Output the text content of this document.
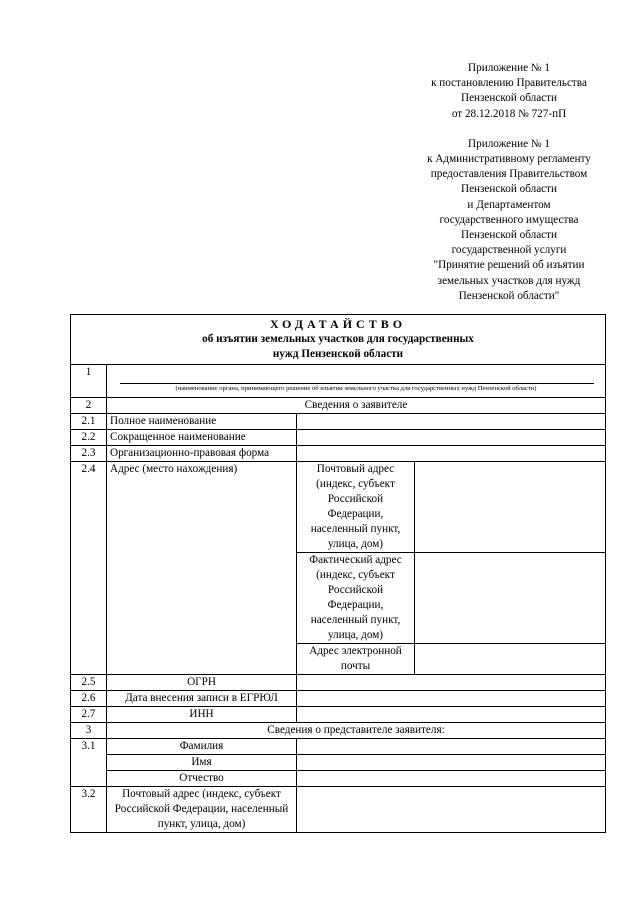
Приложение № 1
к постановлению Правительства
Пензенской области
от 28.12.2018 № 727-пП
Приложение № 1
к Административному регламенту
предоставления Правительством
Пензенской области
и Департаментом
государственного имущества
Пензенской области
государственной услуги
"Принятие решений об изъятии
земельных участков для нужд
Пензенской области"
ХОДАТАЙСТВО
об изъятии земельных участков для государственных
нужд Пензенской области			

1	(наименование органа, принимающего решение об изъятии земельного участка для государственных нужд Пензенской области)		

2	Сведения о заявителе		
2.1	Полное наименование		
2.2	Сокращенное наименование		
2.3	Организационно-правовая форма		
2.4	Адрес (место нахождения)	Почтовый адрес (индекс, субъект Российской Федерации, населенный пункт, улица, дом)	
		Фактический адрес (индекс, субъект Российской Федерации, населенный пункт, улица, дом)	
		Адрес электронной почты	
2.5	ОГРН		
2.6	Дата внесения записи в ЕГРЮЛ		
2.7	ИНН		
3	Сведения о представителе заявителя:		
3.1	Фамилия		
	Имя		
	Отчество		
3.2	Почтовый адрес (индекс, субъект Российской Федерации, населенный пункт, улица, дом)		
